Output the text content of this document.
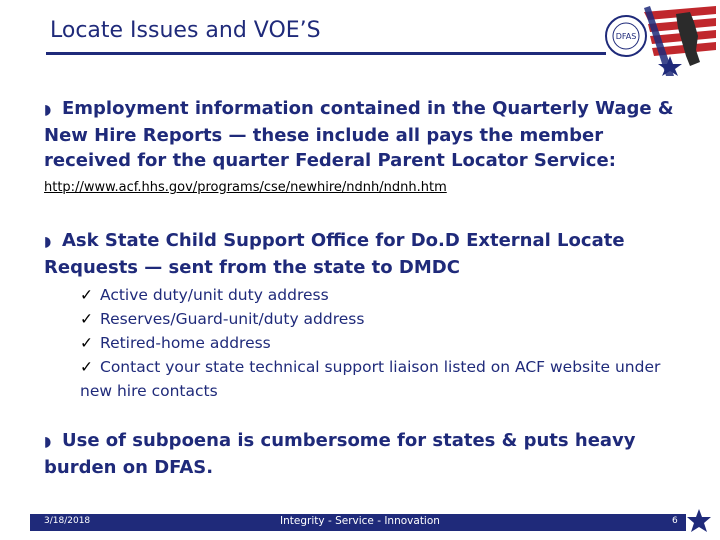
Locate Issues and VOE’S	DFAS
◗ Employment information contained in the Quarterly Wage & New Hire Reports — these include all pays the member received for the quarter Federal Parent Locator Service:
http://www.acf.hhs.gov/programs/cse/newhire/ndnh/ndnh.htm
◗ Ask State Child Support Office for Do.D External Locate Requests — sent from the state to DMDC
✓ Active duty/unit duty address
✓ Reserves/Guard-unit/duty address
✓ Retired-home address
✓ Contact your state technical support liaison listed on ACF website under new hire contacts
◗ Use of subpoena is cumbersome for states & puts heavy burden on DFAS.
3/18/2018	Integrity - Service - Innovation	6
